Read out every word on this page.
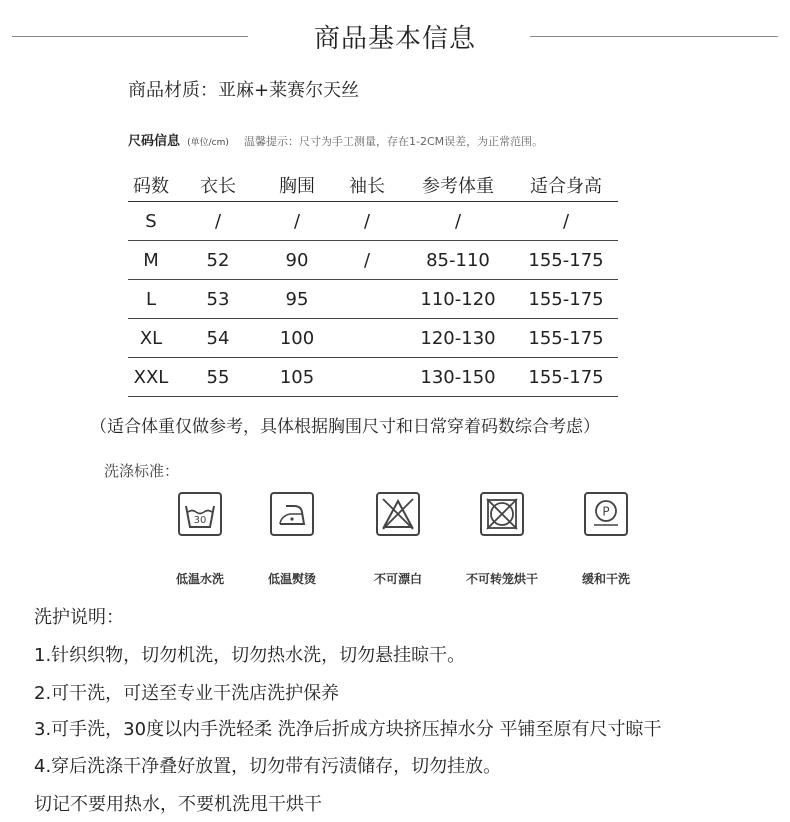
商品基本信息
商品材质：亚麻+莱赛尔天丝
尺码信息 (单位/cm) 温馨提示：尺寸为手工测量，存在1-2CM误差，为正常范围。
码数	衣长	胸围	袖长	参考体重	适合身高
S	/	/	/	/	/
M	52	90	/	85-110	155-175
L	53	95		110-120	155-175
XL	54	100		120-130	155-175
XXL	55	105		130-150	155-175
（适合体重仅做参考，具体根据胸围尺寸和日常穿着码数综合考虑）
洗涤标准：
30
P
低温水洗	低温熨烫	不可漂白	不可转笼烘干	缓和干洗
洗护说明：
1.针织织物，切勿机洗，切勿热水洗，切勿悬挂晾干。
2.可干洗，可送至专业干洗店洗护保养
3.可手洗，30度以内手洗轻柔 洗净后折成方块挤压掉水分 平铺至原有尺寸晾干
4.穿后洗涤干净叠好放置，切勿带有污渍储存，切勿挂放。
切记不要用热水，不要机洗甩干烘干
